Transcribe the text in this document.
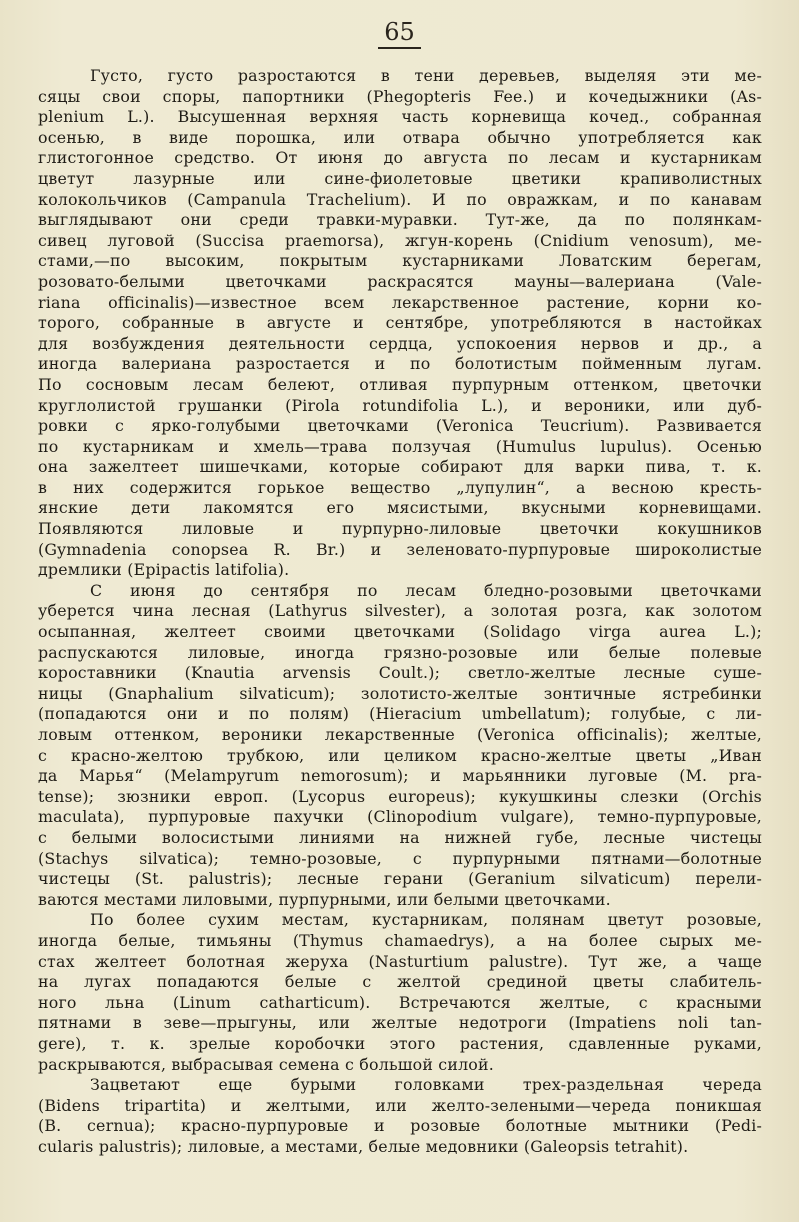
65
Густо, густо разростаются в тени деревьев, выделяя эти ме-
сяцы свои споры, папортники (Phegopteris Fee.) и кочедыжники (As-
plenium L.). Высушенная верхняя часть корневища кочед., собранная
осенью, в виде порошка, или отвара обычно употребляется как
глистогонное средство. От июня до августа по лесам и кустарникам
цветут лазурные или сине-фиолетовые цветики крапиволистных
колокольчиков (Campanula Trachelium). И по овражкам, и по канавам
выглядывают они среди травки-муравки. Тут-же, да по полянкам-
сивец луговой (Succisa praemorsa), жгун-корень (Cnidium venosum), ме-
стами,—по высоким, покрытым кустарниками Ловатским берегам,
розовато-белыми цветочками раскрасятся мауны—валериана (Vale-
riana officinalis)—известное всем лекарственное растение, корни ко-
торого, собранные в августе и сентябре, употребляются в настойках
для возбуждения деятельности сердца, успокоения нервов и др., а
иногда валериана разростается и по болотистым пойменным лугам.
По сосновым лесам белеют, отливая пурпурным оттенком, цветочки
круглолистой грушанки (Pirola rotundifolia L.), и вероники, или дуб-
ровки с ярко-голубыми цветочками (Veronica Teucrium). Развивается
по кустарникам и хмель—трава ползучая (Humulus lupulus). Осенью
она зажелтеет шишечками, которые собирают для варки пива, т. к.
в них содержится горькое вещество „лупулин“, а весною кресть-
янские дети лакомятся его мясистыми, вкусными корневищами.
Появляются лиловые и пурпурно-лиловые цветочки кокушников
(Gymnadenia conopsea R. Br.) и зеленовато-пурпуровые широколистые
дремлики (Epipactis latifolia).
С июня до сентября по лесам бледно-розовыми цветочками
уберется чина лесная (Lathyrus silvester), а золотая розга, как золотом
осыпанная, желтеет своими цветочками (Solidago virga aurea L.);
распускаются лиловые, иногда грязно-розовые или белые полевые
короставники (Knautia arvensis Coult.); светло-желтые лесные суше-
ницы (Gnaphalium silvaticum); золотисто-желтые зонтичные ястребинки
(попадаются они и по полям) (Hieracium umbellatum); голубые, с ли-
ловым оттенком, вероники лекарственные (Veronica officinalis); желтые,
с красно-желтою трубкою, или целиком красно-желтые цветы „Иван
да Марья“ (Melampyrum nemorosum); и марьянники луговые (M. pra-
tense); зюзники европ. (Lycopus europeus); кукушкины слезки (Orchis
maculata), пурпуровые пахучки (Clinopodium vulgare), темно-пурпуровые,
с белыми волосистыми линиями на нижней губе, лесные чистецы
(Stachys silvatica); темно-розовые, с пурпурными пятнами—болотные
чистецы (St. palustris); лесные герани (Geranium silvaticum) перели-
ваются местами лиловыми, пурпурными, или белыми цветочками.
По более сухим местам, кустарникам, полянам цветут розовые,
иногда белые, тимьяны (Thymus chamaedrys), а на более сырых ме-
стах желтеет болотная жеруха (Nasturtium palustre). Тут же, а чаще
на лугах попадаются белые с желтой срединой цветы слабитель-
ного льна (Linum catharticum). Встречаются желтые, с красными
пятнами в зеве—прыгуны, или желтые недотроги (Impatiens noli tan-
gere), т. к. зрелые коробочки этого растения, сдавленные руками,
раскрываются, выбрасывая семена с большой силой.
Зацветают еще бурыми головками трех-раздельная череда
(Bidens tripartita) и желтыми, или желто-зелеными—череда поникшая
(B. cernua); красно-пурпуровые и розовые болотные мытники (Pedi-
cularis palustris); лиловые, а местами, белые медовники (Galeopsis tetrahit).
